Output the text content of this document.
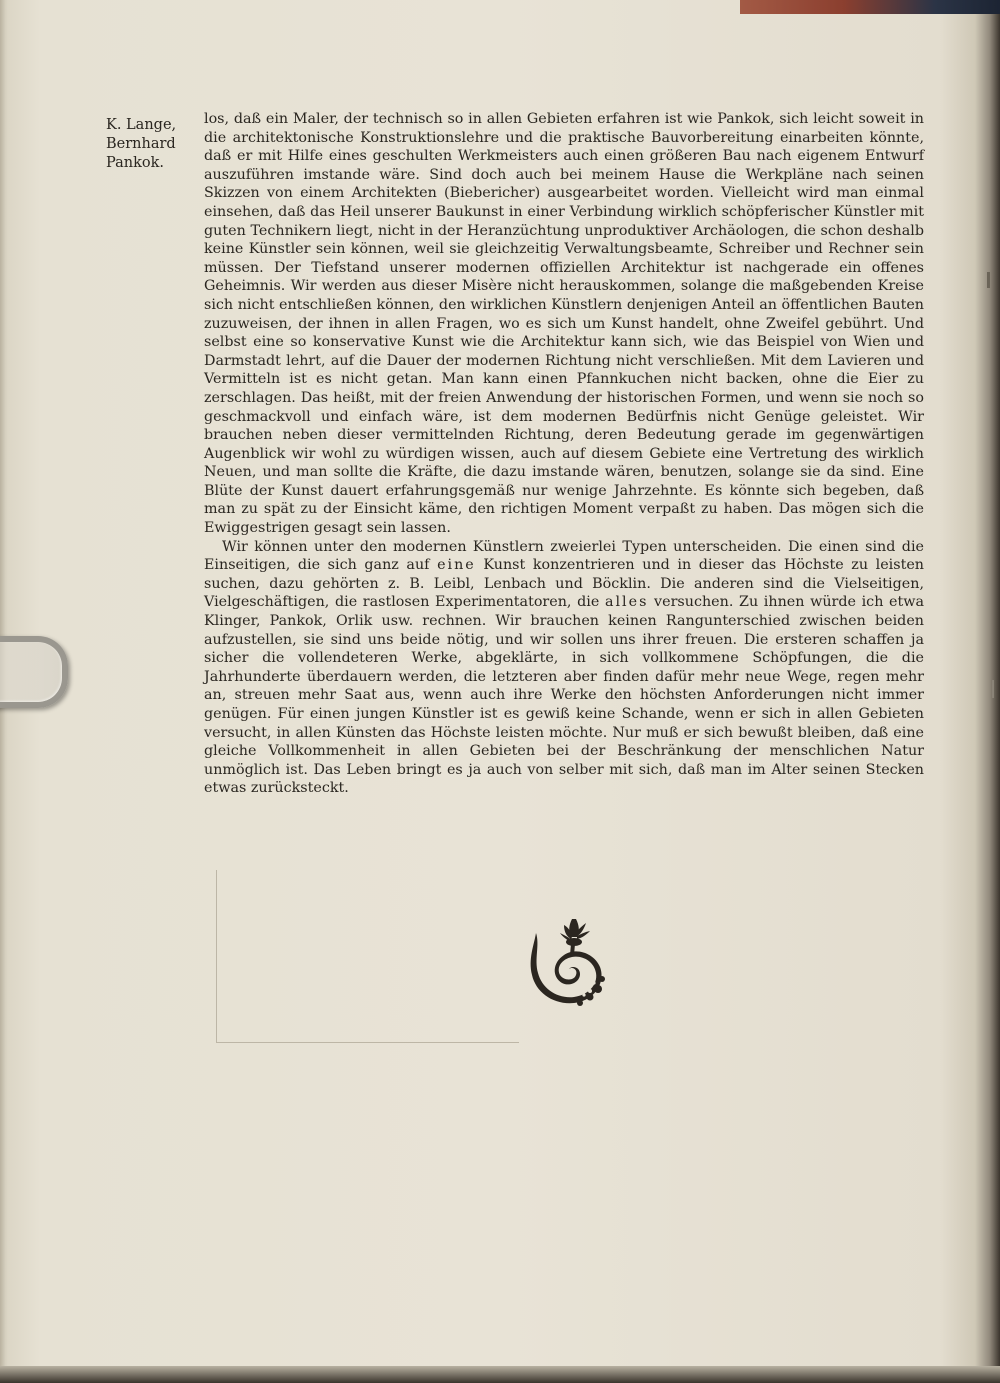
K. Lange,
Bernhard
Pankok.

los, daß ein Maler, der technisch so in allen Gebieten erfahren ist wie Pankok, sich leicht soweit in die architektonische Konstruktionslehre und die praktische Bauvorbereitung einarbeiten könnte, daß er mit Hilfe eines geschulten Werkmeisters auch einen größeren Bau nach eigenem Entwurf auszuführen imstande wäre. Sind doch auch bei meinem Hause die Werkpläne nach seinen Skizzen von einem Architekten (Biebericher) ausgearbeitet worden. Vielleicht wird man einmal einsehen, daß das Heil unserer Baukunst in einer Verbindung wirklich schöpferischer Künstler mit guten Technikern liegt, nicht in der Heranzüchtung unproduktiver Archäologen, die schon deshalb keine Künstler sein können, weil sie gleichzeitig Verwaltungsbeamte, Schreiber und Rechner sein müssen. Der Tiefstand unserer modernen offiziellen Architektur ist nachgerade ein offenes Geheimnis. Wir werden aus dieser Misère nicht herauskommen, solange die maßgebenden Kreise sich nicht entschließen können, den wirklichen Künstlern denjenigen Anteil an öffentlichen Bauten zuzuweisen, der ihnen in allen Fragen, wo es sich um Kunst handelt, ohne Zweifel gebührt. Und selbst eine so konservative Kunst wie die Architektur kann sich, wie das Beispiel von Wien und Darmstadt lehrt, auf die Dauer der modernen Richtung nicht verschließen. Mit dem Lavieren und Vermitteln ist es nicht getan. Man kann einen Pfannkuchen nicht backen, ohne die Eier zu zerschlagen. Das heißt, mit der freien Anwendung der historischen Formen, und wenn sie noch so geschmackvoll und einfach wäre, ist dem modernen Bedürfnis nicht Genüge geleistet. Wir brauchen neben dieser vermittelnden Richtung, deren Bedeutung gerade im gegenwärtigen Augenblick wir wohl zu würdigen wissen, auch auf diesem Gebiete eine Vertretung des wirklich Neuen, und man sollte die Kräfte, die dazu imstande wären, benutzen, solange sie da sind. Eine Blüte der Kunst dauert erfahrungsgemäß nur wenige Jahrzehnte. Es könnte sich begeben, daß man zu spät zu der Einsicht käme, den richtigen Moment verpaßt zu haben. Das mögen sich die Ewiggestrigen gesagt sein lassen.

Wir können unter den modernen Künstlern zweierlei Typen unterscheiden. Die einen sind die Einseitigen, die sich ganz auf eine Kunst konzentrieren und in dieser das Höchste zu leisten suchen, dazu gehörten z. B. Leibl, Lenbach und Böcklin. Die anderen sind die Vielseitigen, Vielgeschäftigen, die rastlosen Experimentatoren, die alles versuchen. Zu ihnen würde ich etwa Klinger, Pankok, Orlik usw. rechnen. Wir brauchen keinen Rangunterschied zwischen beiden aufzustellen, sie sind uns beide nötig, und wir sollen uns ihrer freuen. Die ersteren schaffen ja sicher die vollendeteren Werke, abgeklärte, in sich vollkommene Schöpfungen, die die Jahrhunderte überdauern werden, die letzteren aber finden dafür mehr neue Wege, regen mehr an, streuen mehr Saat aus, wenn auch ihre Werke den höchsten Anforderungen nicht immer genügen. Für einen jungen Künstler ist es gewiß keine Schande, wenn er sich in allen Gebieten versucht, in allen Künsten das Höchste leisten möchte. Nur muß er sich bewußt bleiben, daß eine gleiche Vollkommenheit in allen Gebieten bei der Beschränkung der menschlichen Natur unmöglich ist. Das Leben bringt es ja auch von selber mit sich, daß man im Alter seinen Stecken etwas zurücksteckt.
